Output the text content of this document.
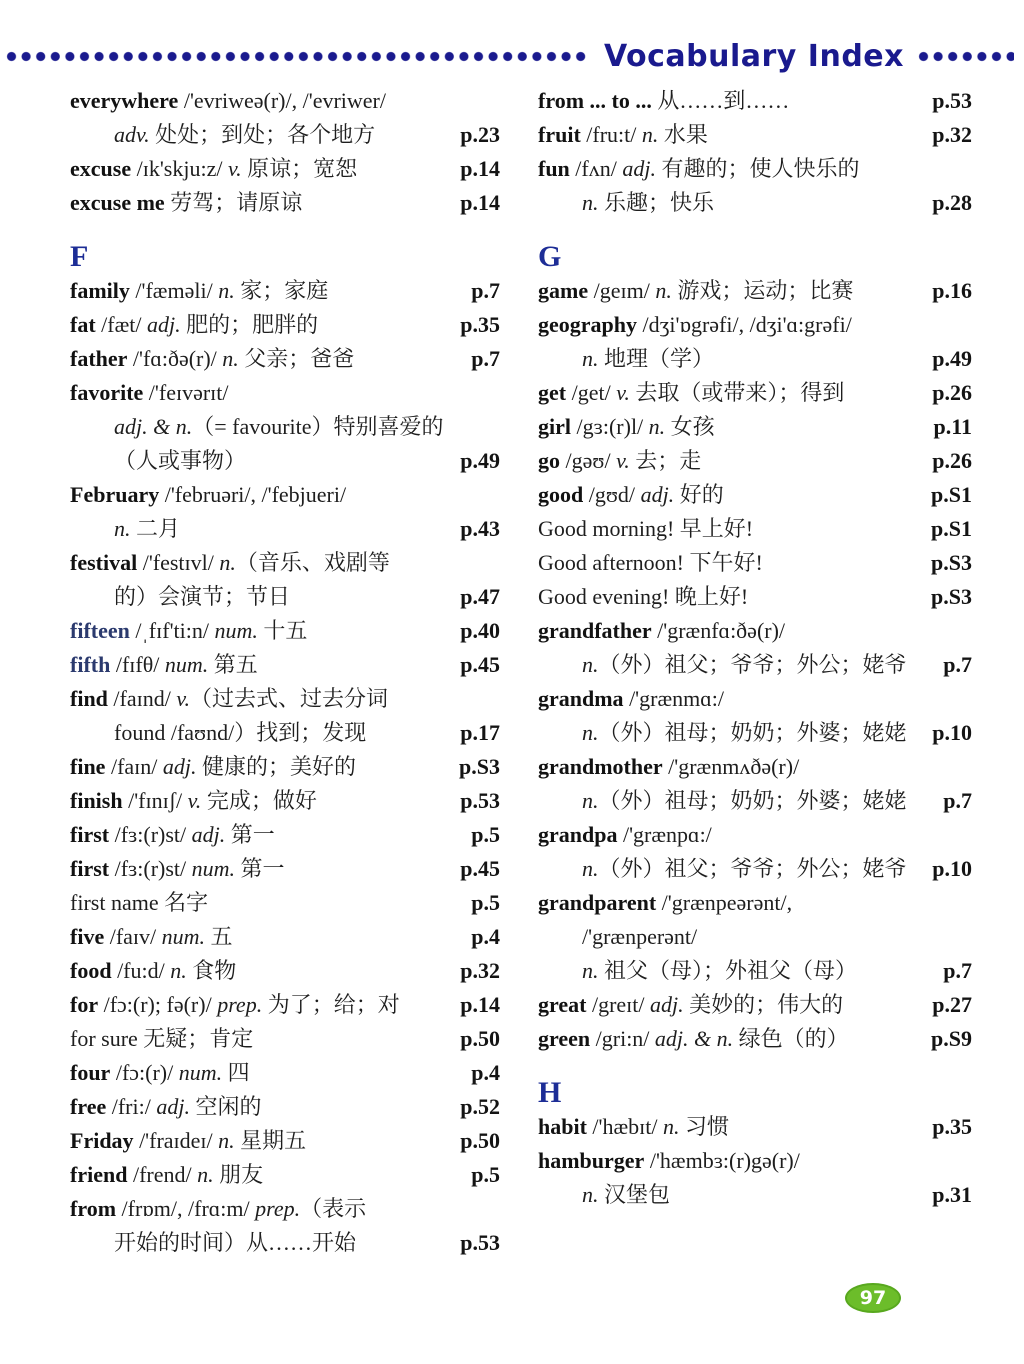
Vocabulary Index
everywhere /'evriweə(r)/, /'evriwer/
adv. 处处；到处；各个地方	p.23
excuse /ɪk'skju:z/ v. 原谅；宽恕	p.14
excuse me 劳驾；请原谅	p.14
F
family /'fæməli/ n. 家；家庭	p.7
fat /fæt/ adj. 肥的；肥胖的	p.35
father /'fɑ:ðə(r)/ n. 父亲；爸爸	p.7
favorite /'feɪvərɪt/
adj. & n.（= favourite）特别喜爱的
（人或事物）	p.49
February /'februəri/, /'febjueri/
n. 二月	p.43
festival /'festɪvl/ n.（音乐、戏剧等
的）会演节；节日	p.47
fifteen /ˌfɪf'ti:n/ num. 十五	p.40
fifth /fɪfθ/ num. 第五	p.45
find /faɪnd/ v.（过去式、过去分词
found /faʊnd/）找到；发现	p.17
fine /faɪn/ adj. 健康的；美好的	p.S3
finish /'fɪnɪʃ/ v. 完成；做好	p.53
first /fɜ:(r)st/ adj. 第一	p.5
first /fɜ:(r)st/ num. 第一	p.45
first name 名字	p.5
five /faɪv/ num. 五	p.4
food /fu:d/ n. 食物	p.32
for /fɔ:(r); fə(r)/ prep. 为了；给；对	p.14
for sure 无疑；肯定	p.50
four /fɔ:(r)/ num. 四	p.4
free /fri:/ adj. 空闲的	p.52
Friday /'fraɪdeɪ/ n. 星期五	p.50
friend /frend/ n. 朋友	p.5
from /frɒm/, /frɑ:m/ prep.（表示
开始的时间）从……开始	p.53
from ... to ... 从……到……	p.53
fruit /fru:t/ n. 水果	p.32
fun /fʌn/ adj. 有趣的；使人快乐的
n. 乐趣；快乐	p.28
G
game /geɪm/ n. 游戏；运动；比赛	p.16
geography /dʒi'ɒgrəfi/, /dʒi'ɑ:grəfi/
n. 地理（学）	p.49
get /get/ v. 去取（或带来）；得到	p.26
girl /gɜ:(r)l/ n. 女孩	p.11
go /gəʊ/ v. 去；走	p.26
good /gʊd/ adj. 好的	p.S1
Good morning! 早上好!	p.S1
Good afternoon! 下午好!	p.S3
Good evening! 晚上好!	p.S3
grandfather /'grænfɑ:ðə(r)/
n.（外）祖父；爷爷；外公；姥爷	p.7
grandma /'grænmɑ:/
n.（外）祖母；奶奶；外婆；姥姥	p.10
grandmother /'grænmʌðə(r)/
n.（外）祖母；奶奶；外婆；姥姥	p.7
grandpa /'grænpɑ:/
n.（外）祖父；爷爷；外公；姥爷	p.10
grandparent /'grænpeərənt/,
/'grænperənt/
n. 祖父（母）；外祖父（母）	p.7
great /greɪt/ adj. 美妙的；伟大的	p.27
green /gri:n/ adj. & n. 绿色（的）	p.S9
H
habit /'hæbɪt/ n. 习惯	p.35
hamburger /'hæmbɜ:(r)gə(r)/
n. 汉堡包	p.31
97
